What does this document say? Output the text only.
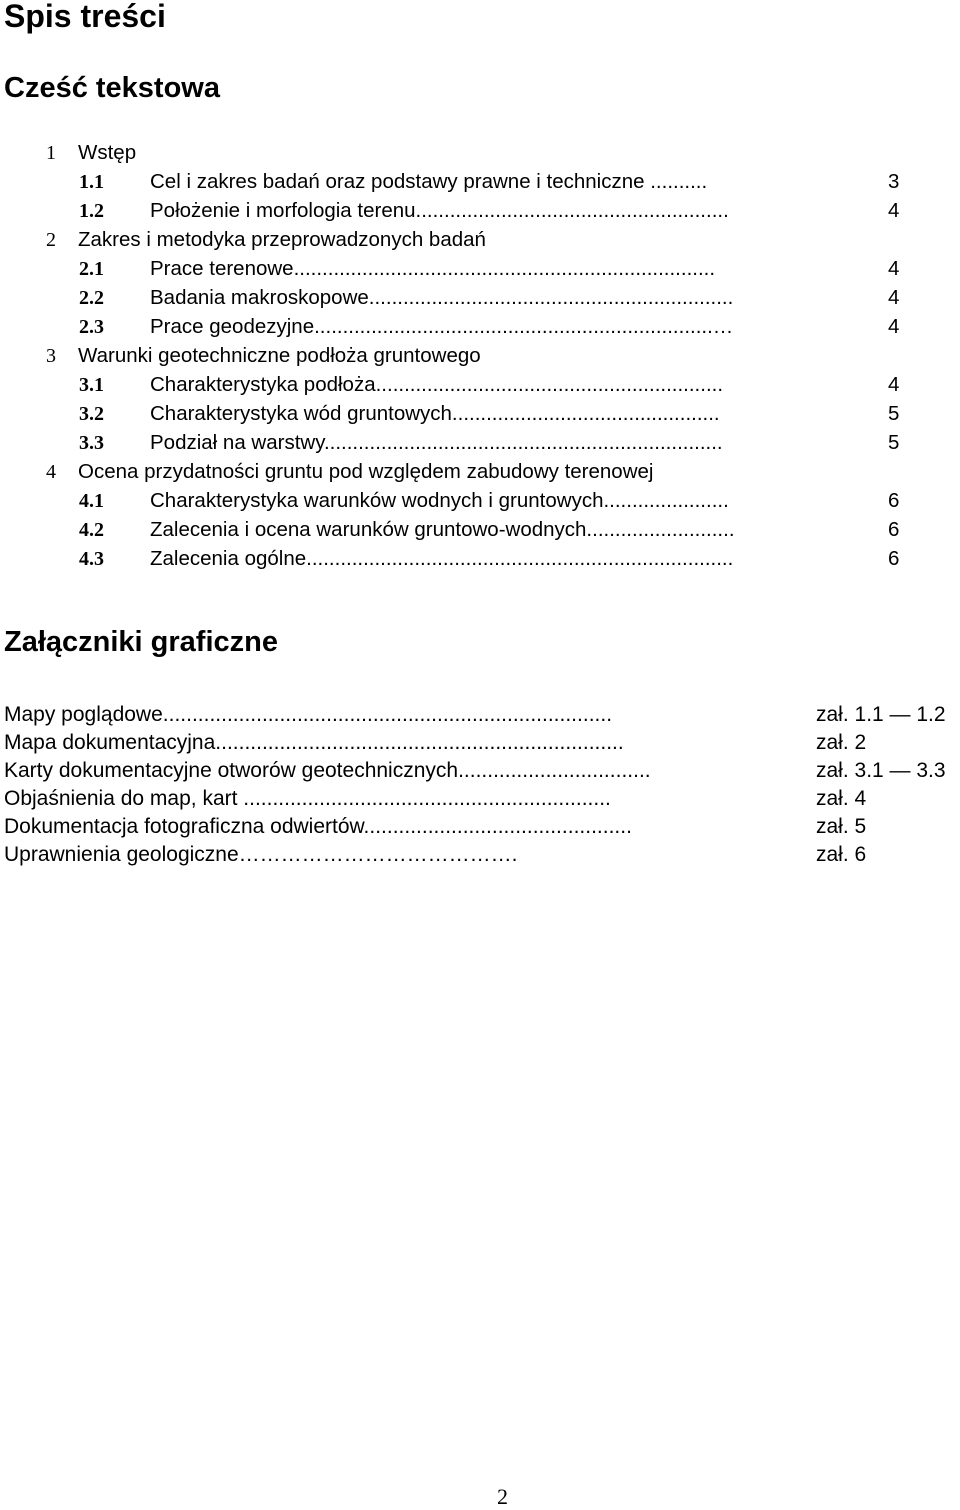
Spis treści
Cześć tekstowa
1 Wstęp
1.1 Cel i zakres badań oraz podstawy prawne i techniczne ..........	3
1.2 Położenie i morfologia terenu.......................................................	4
2 Zakres i metodyka przeprowadzonych badań
2.1 Prace terenowe..........................................................................	4
2.2 Badania makroskopowe................................................................	4
2.3 Prace geodezyjne......................................................................…	4
3 Warunki geotechniczne podłoża gruntowego
3.1 Charakterystyka podłoża.............................................................	4
3.2 Charakterystyka wód gruntowych...............................................	5
3.3 Podział na warstwy......................................................................	5
4 Ocena przydatności gruntu pod względem zabudowy terenowej
4.1 Charakterystyka warunków wodnych i gruntowych......................	6
4.2 Zalecenia i ocena warunków gruntowo-wodnych..........................	6
4.3 Zalecenia ogólne...........................................................................	6
Załączniki graficzne
Mapy poglądowe.............................................................................	zał. 1.1 — 1.2
Mapa dokumentacyjna......................................................................	zał. 2
Karty dokumentacyjne otworów geotechnicznych.................................	zał. 3.1 — 3.3
Objaśnienia do map, kart ...............................................................	zał. 4
Dokumentacja fotograficzna odwiertów..............................................	zał. 5
Uprawnienia geologiczne………………………………….	zał. 6
2
